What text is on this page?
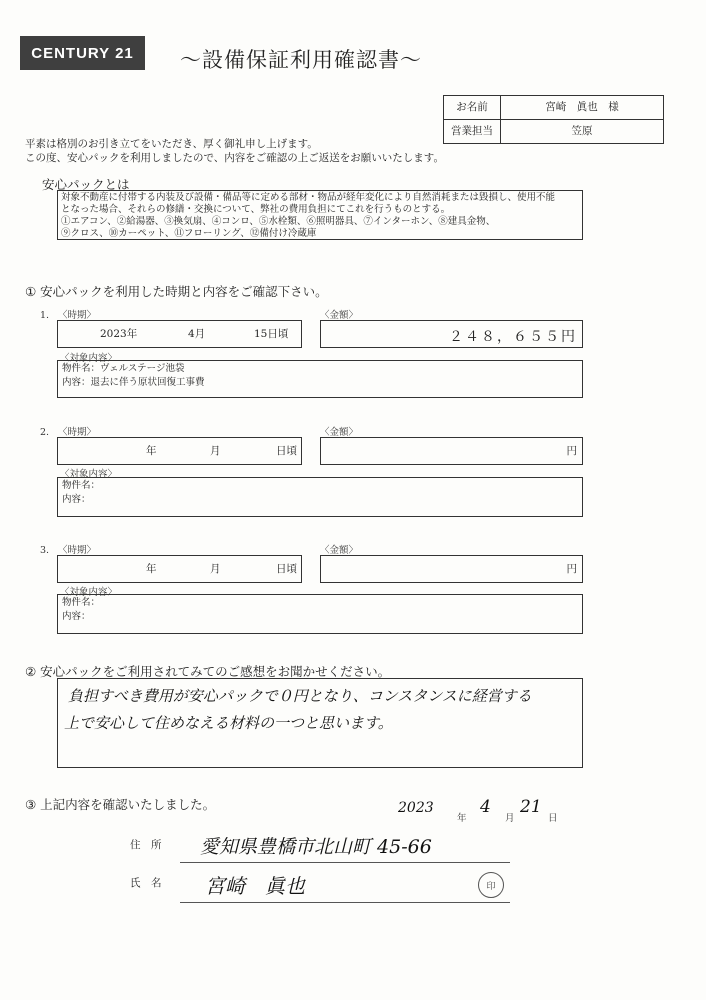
CENTURY 21	～設備保証利用確認書～
お名前	宮崎　眞也　様
営業担当	笠原
平素は格別のお引き立てをいただき、厚く御礼申し上げます。
この度、安心パックを利用しましたので、内容をご確認の上ご返送をお願いいたします。
安心パックとは
対象不動産に付帯する内装及び設備・備品等に定める部材・物品が経年変化により自然消耗または毀損し、使用不能
となった場合、それらの修繕・交換について、弊社の費用負担にてこれを行うものとする。
①エアコン、②給湯器、③換気扇、④コンロ、⑤水栓類、⑥照明器具、⑦インターホン、⑧建具金物、
⑨クロス、⑩カーペット、⑪フローリング、⑫備付け冷蔵庫
① 安心パックを利用した時期と内容をご確認下さい。
1. 〈時期〉	〈金額〉
2023年	4月	15日頃	２４８，６５５円
〈対象内容〉
物件名：ヴェルステージ池袋
内容：退去に伴う原状回復工事費
2. 〈時期〉	〈金額〉
年	月	日頃	円
〈対象内容〉
物件名：
内容：
3. 〈時期〉	〈金額〉
年	月	日頃	円
〈対象内容〉
物件名：
内容：
② 安心パックをご利用されてみてのご感想をお聞かせください。
負担すべき費用が安心パックで０円となり、コンスタンスに経営する
上で安心して住めなえる材料の一つと思います。
③ 上記内容を確認いたしました。	2023
年
4
月
21
日
住　所 愛知県豊橋市北山町 45-66
氏　名 宮崎　眞也	印
